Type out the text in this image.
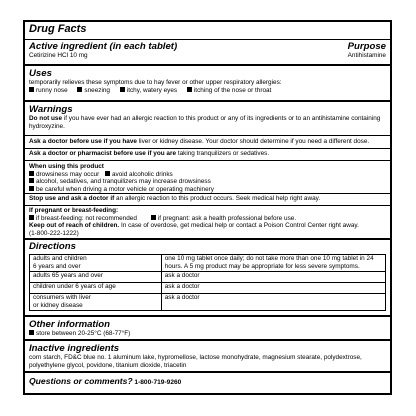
Drug Facts
Active ingredient (in each tablet)	Purpose
Cetirizine HCl 10 mg	Antihistamine
Uses
temporarily relieves these symptoms due to hay fever or other upper respiratory allergies:
runny nose	sneezing	itchy, watery eyes	itching of the nose or throat
Warnings
Do not use if you have ever had an allergic reaction to this product or any of its ingredients or to an antihistamine containing hydroxyzine.
Ask a doctor before use if you have liver or kidney disease. Your doctor should determine if you need a different dose.
Ask a doctor or pharmacist before use if you are taking tranquilizers or sedatives.
When using this product
drowsiness may occur avoid alcoholic drinks
alcohol, sedatives, and tranquilizers may increase drowsiness
be careful when driving a motor vehicle or operating machinery
Stop use and ask a doctor if an allergic reaction to this product occurs. Seek medical help right away.
If pregnant or breast-feeding:
if breast-feeding: not recommended	if pregnant: ask a health professional before use.
Keep out of reach of children. In case of overdose, get medical help or contact a Poison Control Center right away.
(1-800-222-1222)
Directions
adults and children
6 years and over	one 10 mg tablet once daily; do not take more than one 10 mg tablet in 24 hours. A 5 mg product may be appropriate for less severe symptoms.
adults 65 years and over	ask a doctor
children under 6 years of age	ask a doctor
consumers with liver
or kidney disease	ask a doctor
Other information
store between 20-25°C (68-77°F)
Inactive ingredients
corn starch, FD&C blue no. 1 aluminum lake, hypromellose, lactose monohydrate, magnesium stearate, polydextrose, polyethylene glycol, povidone, titanium dioxide, triacetin
Questions or comments? 1-800-719-9260
